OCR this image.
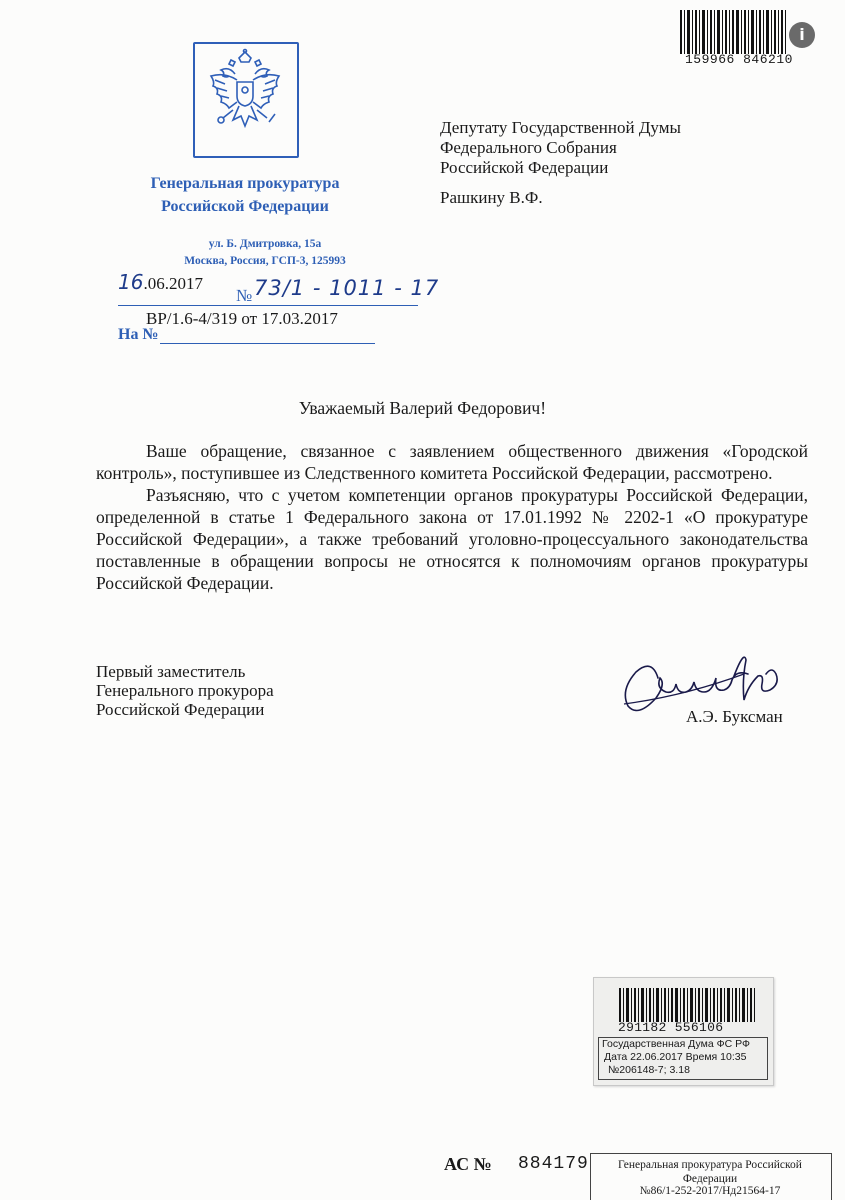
159966 846210
i
Генеральная прокуратура
Российской Федерации
ул. Б. Дмитровка, 15а
Москва, Россия, ГСП-3, 125993
16.06.2017
№ 73/1 - 1011 - 17
ВР/1.6-4/319 от 17.03.2017
На №
Депутату Государственной Думы
Федерального Собрания
Российской Федерации
Рашкину В.Ф.
Уважаемый Валерий Федорович!

Ваше обращение, связанное с заявлением общественного движения «Городской контроль», поступившее из Следственного комитета Российской Федерации, рассмотрено.

Разъясняю, что с учетом компетенции органов прокуратуры Российской Федерации, определенной в статье 1 Федерального закона от 17.01.1992 № 2202-1 «О прокуратуре Российской Федерации», а также требований уголовно-процессуального законодательства поставленные в обращении вопросы не относятся к полномочиям органов прокуратуры Российской Федерации.

Первый заместитель
Генерального прокурора
Российской Федерации	А.Э. Буксман
291182 556106
Государственная Дума ФС РФ
Дата 22.06.2017 Время 10:35
№206148-7; 3.18
АС № 884179	Генеральная прокуратура Российской Федерации
№86/1-252-2017/Нд21564-17
